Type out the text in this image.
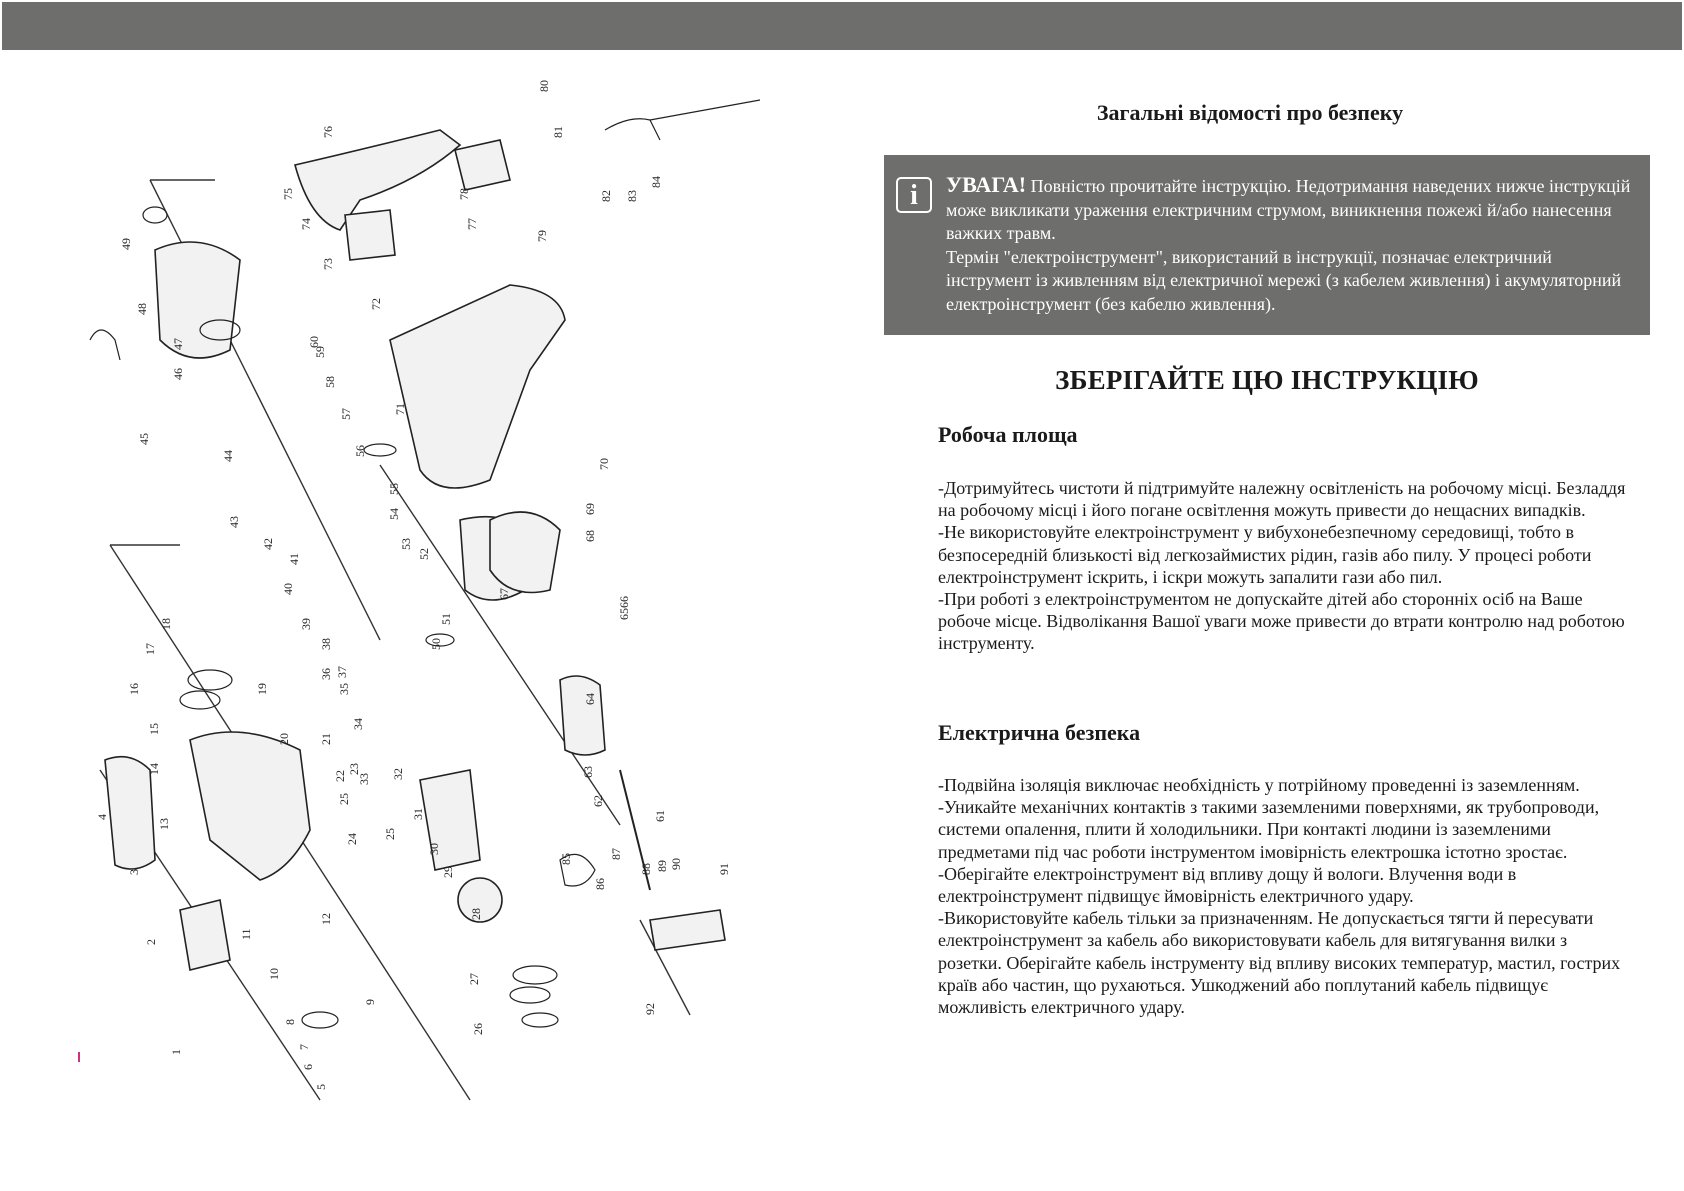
1
2
3
4
5
6
7
8
9
10
11
12
13
14
15
16
17
18
19
20 21
22
23
24 25
26
27
28
29
30
31
32
33
34
35
36 37
38
39
40
41
42
43
44
45
46
47
48
49
50
51
52
53
54
55
56
57
58
59
60
61
62
63
64
65
66
67
68
69
70
71
72
73
74
75
76
77
78
79
80
81
82 83
84
85
86
87
88 89 90	91
92
25
Загальні відомості про безпеку
i	УВАГА! Повністю прочитайте інструкцію. Недотримання наведених нижче інструкцій може викликати ураження електричним струмом, виникнення пожежі й/або нанесення важких травм.
Термін "електроінструмент", використаний в інструкції, позначає електричний інструмент із живленням від електричної мережі (з кабелем живлення) і акумуляторний електроінструмент (без кабелю живлення).
ЗБЕРІГАЙТЕ ЦЮ ІНСТРУКЦІЮ
Робоча площа

-Дотримуйтесь чистоти й підтримуйте належну освітленість на робочому місці. Безладдя на робочому місці і його погане освітлення можуть привести до нещасних випадків.

-Не використовуйте електроінструмент у вибухонебезпечному середовищі, тобто в безпосередній близькості від легкозаймистих рідин, газів або пилу. У процесі роботи електроінструмент іскрить, і іскри можуть запалити гази або пил.

-При роботі з електроінструментом не допускайте дітей або сторонніх осіб на Ваше робоче місце. Відволікання Вашої уваги може привести до втрати контролю над роботою інструменту.

Електрична безпека

-Подвійна ізоляція виключає необхідність у потрійному проведенні із заземленням.

-Уникайте механічних контактів з такими заземленими поверхнями, як трубопроводи, системи опалення, плити й холодильники. При контакті людини із заземленими предметами під час роботи інструментом імовірність електрошка істотно зростає.

-Оберігайте електроінструмент від впливу дощу й вологи. Влучення води в електроінструмент підвищує ймовірність електричного удару.

-Використовуйте кабель тільки за призначенням. Не допускається тягти й пересувати електроінструмент за кабель або використовувати кабель для витягування вилки з розетки. Оберігайте кабель інструменту від впливу високих температур, мастил, гострих країв або частин, що рухаються. Ушкоджений або поплутаний кабель підвищує можливість електричного удару.
